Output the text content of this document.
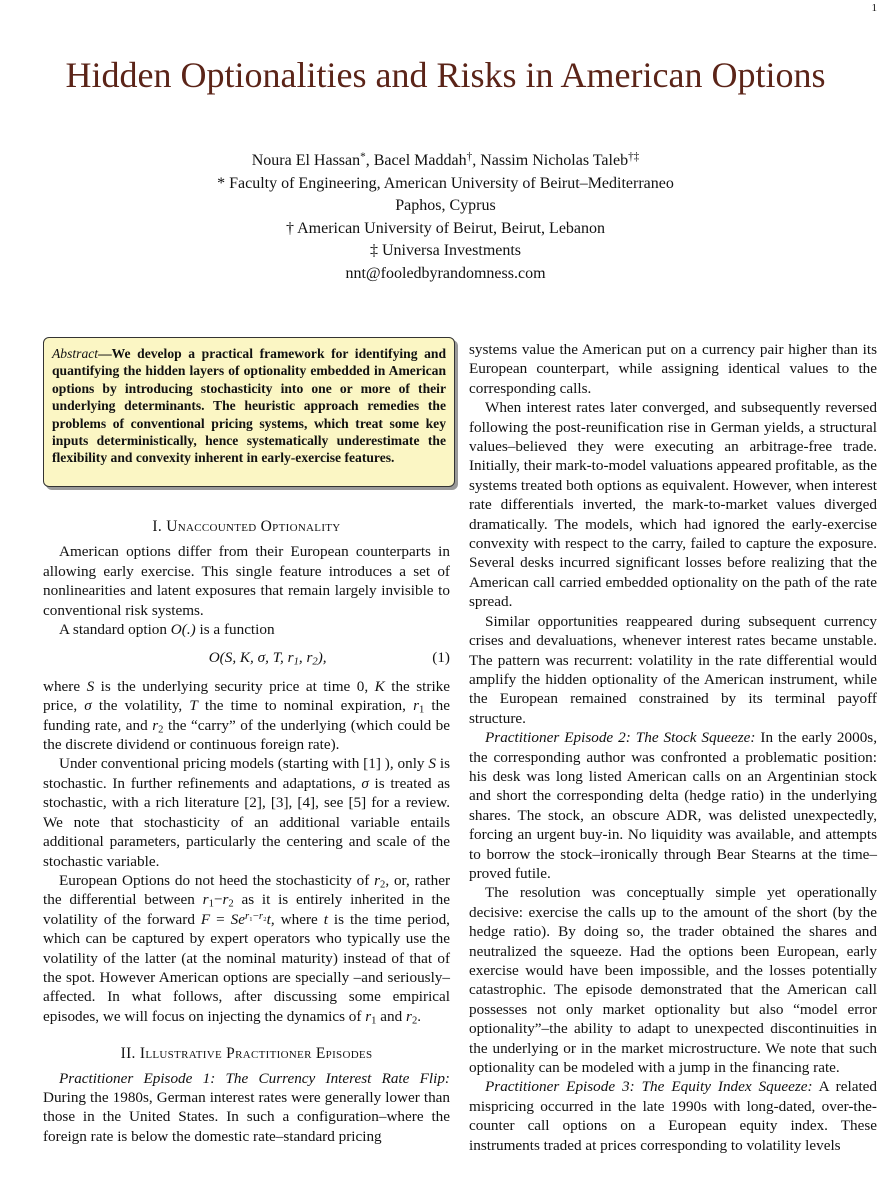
1
Hidden Optionalities and Risks in American Options
Noura El Hassan*, Bacel Maddah†, Nassim Nicholas Taleb†‡
* Faculty of Engineering, American University of Beirut–Mediterraneo
Paphos, Cyprus
† American University of Beirut, Beirut, Lebanon
‡ Universa Investments
nnt@fooledbyrandomness.com
Abstract—We develop a practical framework for identifying and quantifying the hidden layers of optionality embedded in American options by introducing stochasticity into one or more of their underlying determinants. The heuristic approach remedies the problems of conventional pricing systems, which treat some key inputs deterministically, hence systematically underestimate the flexibility and convexity inherent in early-exercise features.
I. Unaccounted Optionality

American options differ from their European counterparts in allowing early exercise. This single feature introduces a set of nonlinearities and latent exposures that remain largely invisible to conventional risk systems.

A standard option O(.) is a function

O(S, K, σ, T, $r_1$, $r_2$),	(1)

where S is the underlying security price at time 0, K the strike price, σ the volatility, T the time to nominal expiration, $r_1$ the funding rate, and $r_2$ the “carry” of the underlying (which could be the discrete dividend or continuous foreign rate).

Under conventional pricing models (starting with [1] ), only S is stochastic. In further refinements and adaptations, σ is treated as stochastic, with a rich literature [2], [3], [4], see [5] for a review. We note that stochasticity of an additional variable entails additional parameters, particularly the centering and scale of the stochastic variable.

European Options do not heed the stochasticity of $r_2$, or, rather the differential between $r_1-r_2$ as it is entirely inherited in the volatility of the forward $F = Se^{r_1-r_2}t$, where t is the time period, which can be captured by expert operators who typically use the volatility of the latter (at the nominal maturity) instead of that of the spot. However American options are specially –and seriously– affected. In what follows, after discussing some empirical episodes, we will focus on injecting the dynamics of $r_1$ and $r_2$.

II. Illustrative Practitioner Episodes

Practitioner Episode 1: The Currency Interest Rate Flip: During the 1980s, German interest rates were generally lower than those in the United States. In such a configuration–where the foreign rate is below the domestic rate–standard pricing

systems value the American put on a currency pair higher than its European counterpart, while assigning identical values to the corresponding calls.

When interest rates later converged, and subsequently reversed following the post-reunification rise in German yields, a structural values–believed they were executing an arbitrage-free trade. Initially, their mark-to-model valuations appeared profitable, as the systems treated both options as equivalent. However, when interest rate differentials inverted, the mark-to-market values diverged dramatically. The models, which had ignored the early-exercise convexity with respect to the carry, failed to capture the exposure. Several desks incurred significant losses before realizing that the American call carried embedded optionality on the path of the rate spread.

Similar opportunities reappeared during subsequent currency crises and devaluations, whenever interest rates became unstable. The pattern was recurrent: volatility in the rate differential would amplify the hidden optionality of the American instrument, while the European remained constrained by its terminal payoff structure.

Practitioner Episode 2: The Stock Squeeze: In the early 2000s, the corresponding author was confronted a problematic position: his desk was long listed American calls on an Argentinian stock and short the corresponding delta (hedge ratio) in the underlying shares. The stock, an obscure ADR, was delisted unexpectedly, forcing an urgent buy-in. No liquidity was available, and attempts to borrow the stock–ironically through Bear Stearns at the time–proved futile.

The resolution was conceptually simple yet operationally decisive: exercise the calls up to the amount of the short (by the hedge ratio). By doing so, the trader obtained the shares and neutralized the squeeze. Had the options been European, early exercise would have been impossible, and the losses potentially catastrophic. The episode demonstrated that the American call possesses not only market optionality but also “model error optionality”–the ability to adapt to unexpected discontinuities in the underlying or in the market microstructure. We note that such optionality can be modeled with a jump in the financing rate.

Practitioner Episode 3: The Equity Index Squeeze: A related mispricing occurred in the late 1990s with long-dated, over-the-counter call options on a European equity index. These instruments traded at prices corresponding to volatility levels
